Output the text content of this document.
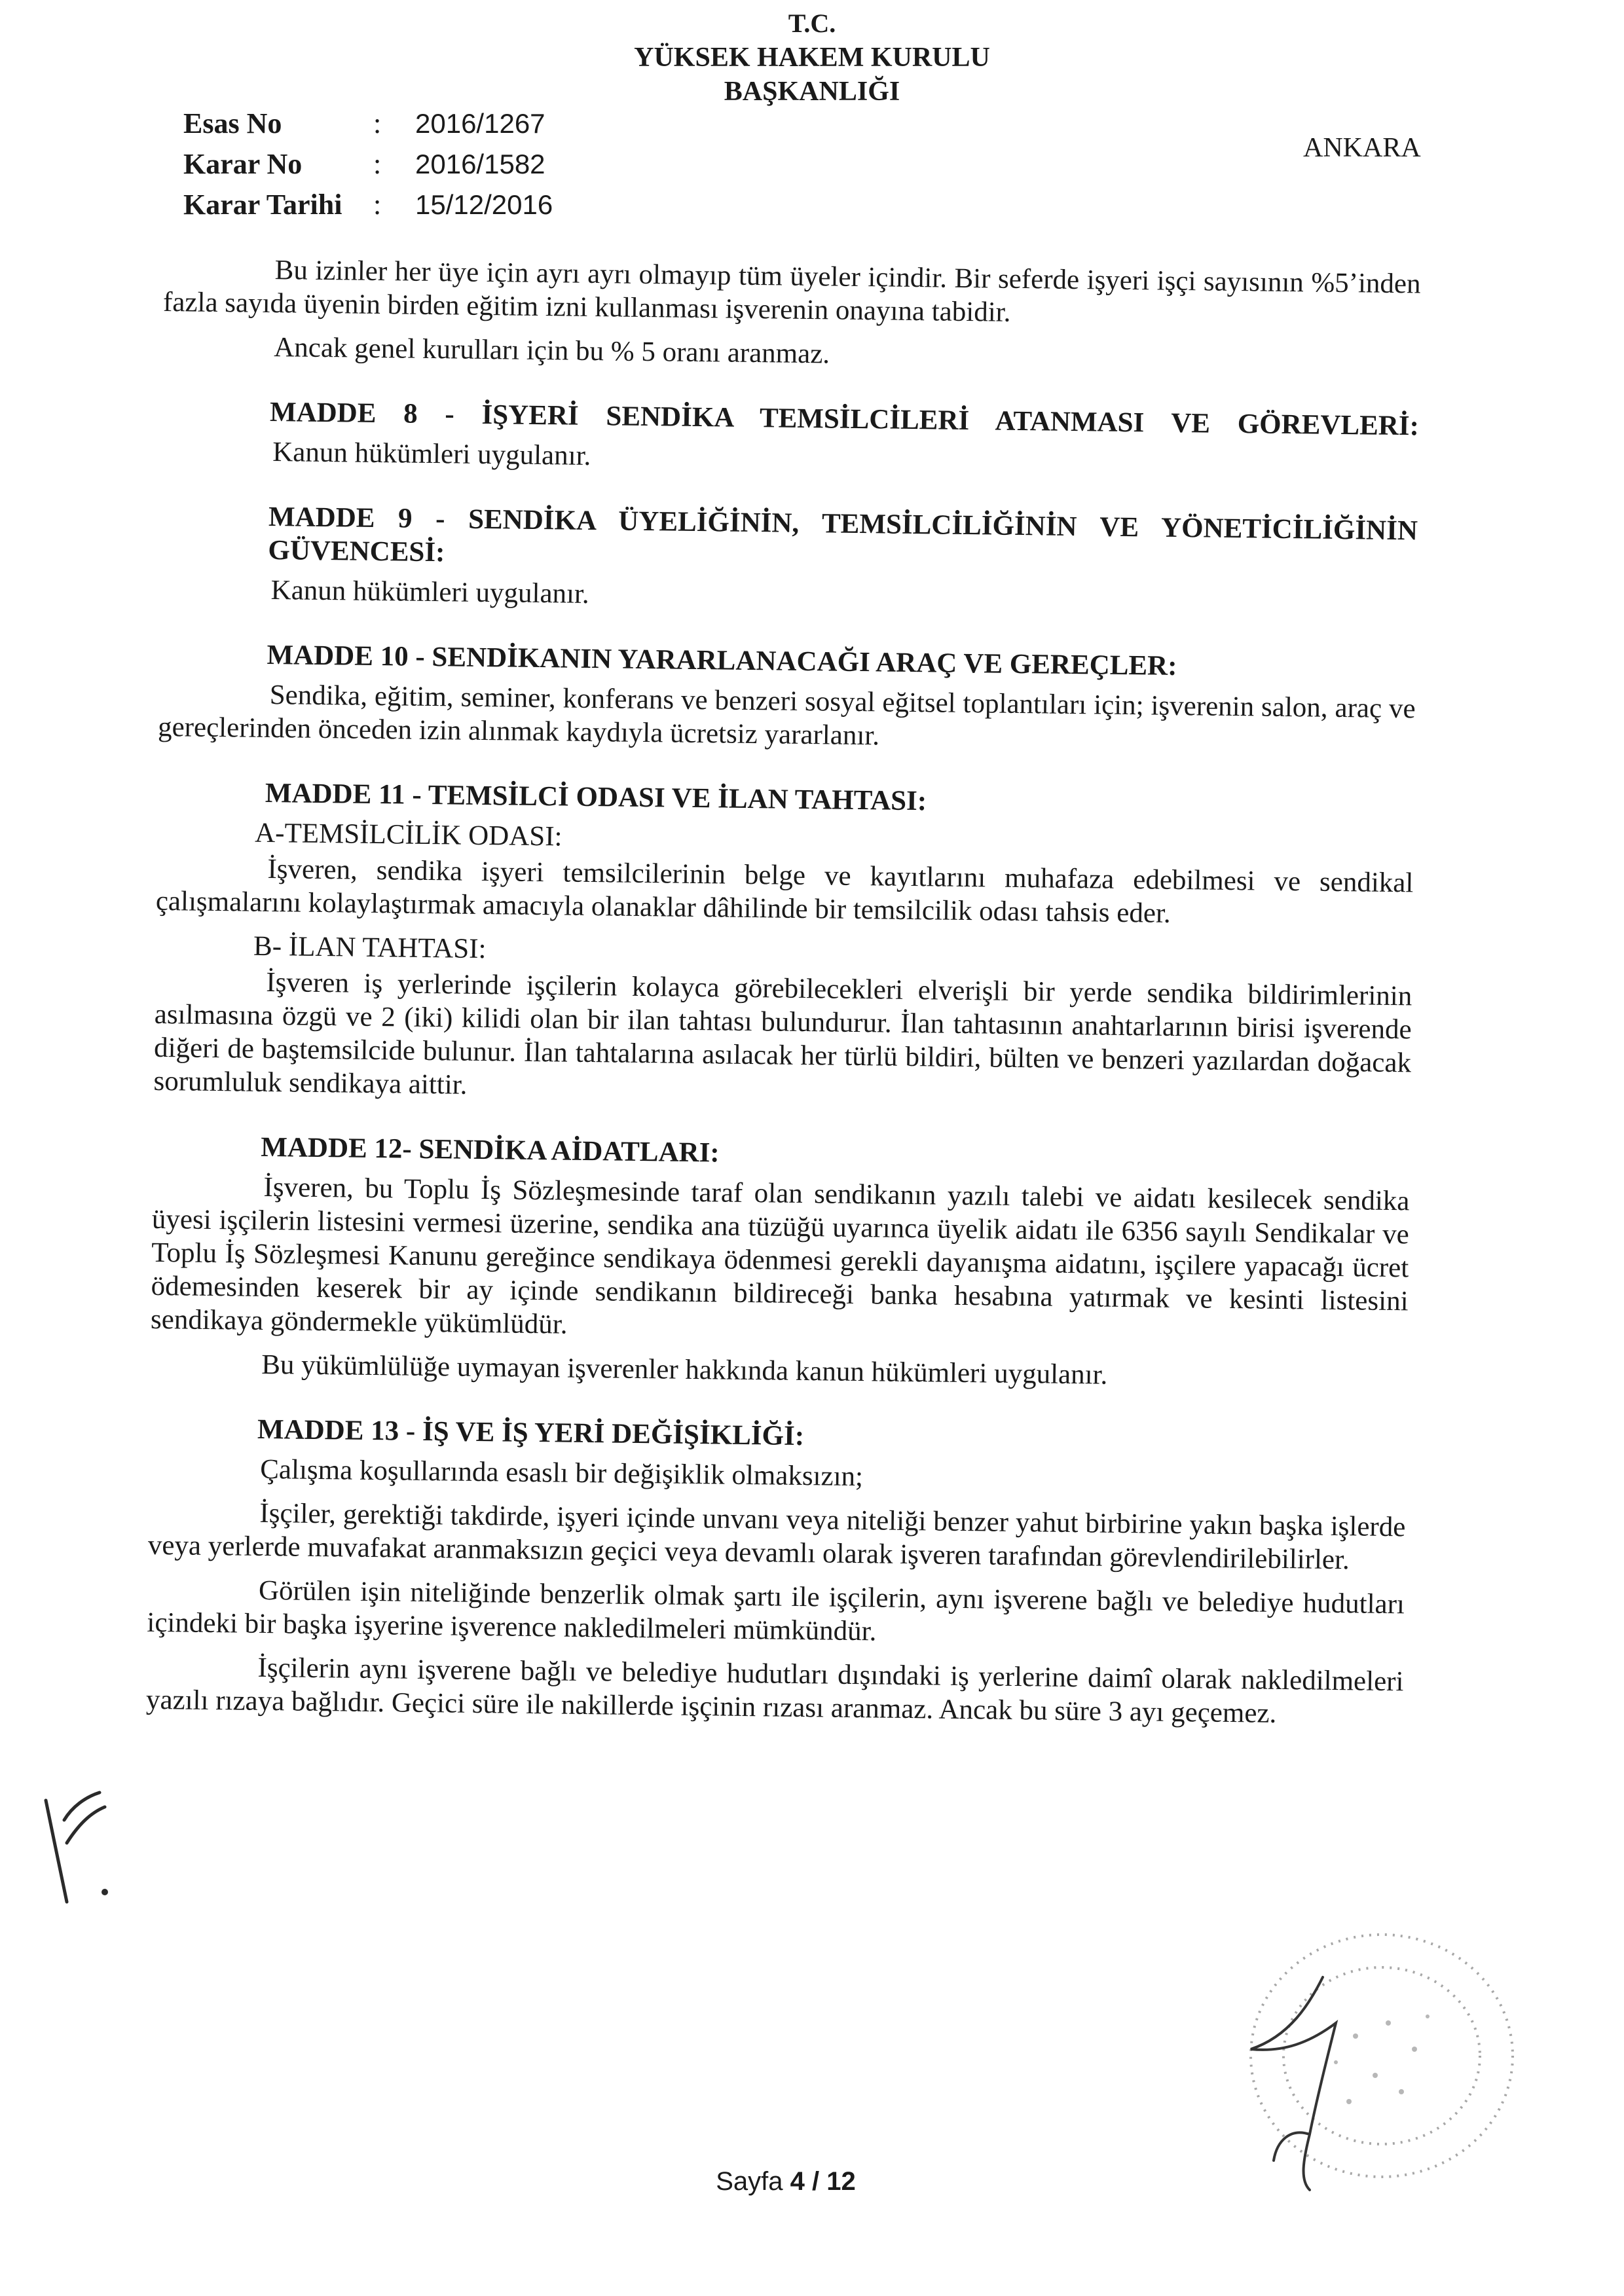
T.C.
YÜKSEK HAKEM KURULU
BAŞKANLIĞI
Esas No	:	2016/1267
Karar No	:	2016/1582
Karar Tarihi	:	15/12/2016
ANKARA

Bu izinler her üye için ayrı ayrı olmayıp tüm üyeler içindir. Bir seferde işyeri işçi sayısının %5’inden fazla sayıda üyenin birden eğitim izni kullanması işverenin onayına tabidir.

Ancak genel kurulları için bu % 5 oranı aranmaz.

MADDE 8 - İŞYERİ SENDİKA TEMSİLCİLERİ ATANMASI VE GÖREVLERİ:

Kanun hükümleri uygulanır.

MADDE 9 - SENDİKA ÜYELİĞİNİN, TEMSİLCİLİĞİNİN VE YÖNETİCİLİĞİNİN GÜVENCESİ:

Kanun hükümleri uygulanır.

MADDE 10 - SENDİKANIN YARARLANACAĞI ARAÇ VE GEREÇLER:

Sendika, eğitim, seminer, konferans ve benzeri sosyal eğitsel toplantıları için; işverenin salon, araç ve gereçlerinden önceden izin alınmak kaydıyla ücretsiz yararlanır.

MADDE 11 - TEMSİLCİ ODASI VE İLAN TAHTASI:

A-TEMSİLCİLİK ODASI:

İşveren, sendika işyeri temsilcilerinin belge ve kayıtlarını muhafaza edebilmesi ve sendikal çalışmalarını kolaylaştırmak amacıyla olanaklar dâhilinde bir temsilcilik odası tahsis eder.

B- İLAN TAHTASI:

İşveren iş yerlerinde işçilerin kolayca görebilecekleri elverişli bir yerde sendika bildirimlerinin asılmasına özgü ve 2 (iki) kilidi olan bir ilan tahtası bulundurur. İlan tahtasının anahtarlarının birisi işverende diğeri de baştemsilcide bulunur. İlan tahtalarına asılacak her türlü bildiri, bülten ve benzeri yazılardan doğacak sorumluluk sendikaya aittir.

MADDE 12- SENDİKA AİDATLARI:

İşveren, bu Toplu İş Sözleşmesinde taraf olan sendikanın yazılı talebi ve aidatı kesilecek sendika üyesi işçilerin listesini vermesi üzerine, sendika ana tüzüğü uyarınca üyelik aidatı ile 6356 sayılı Sendikalar ve Toplu İş Sözleşmesi Kanunu gereğince sendikaya ödenmesi gerekli dayanışma aidatını, işçilere yapacağı ücret ödemesinden keserek bir ay içinde sendikanın bildireceği banka hesabına yatırmak ve kesinti listesini sendikaya göndermekle yükümlüdür.

Bu yükümlülüğe uymayan işverenler hakkında kanun hükümleri uygulanır.

MADDE 13 - İŞ VE İŞ YERİ DEĞİŞİKLİĞİ:

Çalışma koşullarında esaslı bir değişiklik olmaksızın;

İşçiler, gerektiği takdirde, işyeri içinde unvanı veya niteliği benzer yahut birbirine yakın başka işlerde veya yerlerde muvafakat aranmaksızın geçici veya devamlı olarak işveren tarafından görevlendirilebilirler.

Görülen işin niteliğinde benzerlik olmak şartı ile işçilerin, aynı işverene bağlı ve belediye hudutları içindeki bir başka işyerine işverence nakledilmeleri mümkündür.

İşçilerin aynı işverene bağlı ve belediye hudutları dışındaki iş yerlerine daimî olarak nakledilmeleri yazılı rızaya bağlıdır. Geçici süre ile nakillerde işçinin rızası aranmaz. Ancak bu süre 3 ayı geçemez.

Sayfa 4 / 12
